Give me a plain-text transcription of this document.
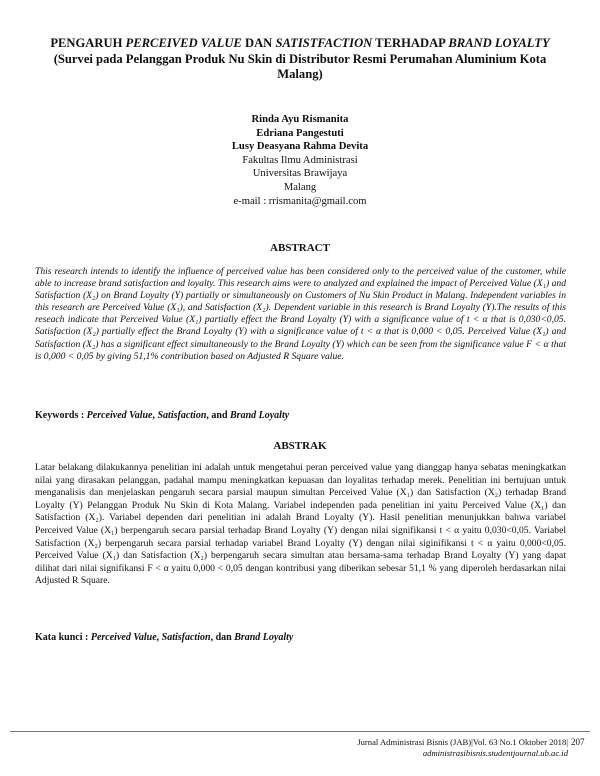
PENGARUH PERCEIVED VALUE DAN SATISTFACTION TERHADAP BRAND LOYALTY
(Survei pada Pelanggan Produk Nu Skin di Distributor Resmi Perumahan Aluminium Kota Malang)
Rinda Ayu Rismanita
Edriana Pangestuti
Lusy Deasyana Rahma Devita
Fakultas Ilmu Administrasi
Universitas Brawijaya
Malang
e-mail : rrismanita@gmail.com
ABSTRACT

This research intends to identify the influence of perceived value has been considered only to the perceived value of the customer, while able to increase brand satisfaction and loyalty. This research aims were to analyzed and explained the impact of Perceived Value (X₁) and Satisfaction (X₂) on Brand Loyalty (Y) partially or simultaneously on Customers of Nu Skin Product in Malang. Independent variables in this research are Perceived Value (X₁), and Satisfaction (X₂). Dependent variable in this research is Brand Loyalty (Y).The results of this reseach indicate that Perceived Value (X₁) partially effect the Brand Loyalty (Y) with a significance value of t < α that is 0,030<0,05. Satisfaction (X₂) partially effect the Brand Loyalty (Y) with a significance value of t < α that is 0,000 < 0,05. Perceived Value (X₁) and Satisfaction (X₂) has a significant effect simultaneously to the Brand Loyalty (Y) which can be seen from the significance value F < α that is 0,000 < 0,05 by giving 51,1% contribution based on Adjusted R Square value.

Keywords : Perceived Value, Satisfaction, and Brand Loyalty
ABSTRAK

Latar belakang dilakukannya penelitian ini adalah untuk mengetahui peran perceived value yang dianggap hanya sebatas meningkatkan nilai yang dirasakan pelanggan, padahal mampu meningkatkan kepuasan dan loyalitas terhadap merek. Penelitian ini bertujuan untuk menganalisis dan menjelaskan pengaruh secara parsial maupun simultan Perceived Value (X₁) dan Satisfaction (X₂) terhadap Brand Loyalty (Y) Pelanggan Produk Nu Skin di Kota Malang. Variabel independen pada penelitian ini yaitu Perceived Value (X₁) dan Satisfaction (X₂). Variabel dependen dari penelitian ini adalah Brand Loyalty (Y). Hasil penelitian menunjukkan bahwa variabel Perceived Value (X₁) berpengaruh secara parsial terhadap Brand Loyalty (Y) dengan nilai signifikansi t < α yaitu 0,030<0,05. Variabel Satisfaction (X₂) berpengaruh secara parsial terhadap variabel Brand Loyalty (Y) dengan nilai siginifikansi t < α yaitu 0,000<0,05. Perceived Value (X₁) dan Satisfaction (X₂) berpengaruh secara simultan atau bersama-sama terhadap Brand Loyalty (Y) yang dapat dilihat dari nilai signifikansi F < α yaitu 0,000 < 0,05 dengan kontribusi yang diberikan sebesar 51,1 % yang diperoleh berdasarkan nilai Adjusted R Square.

Kata kunci : Perceived Value, Satisfaction, dan Brand Loyalty
Jurnal Administrasi Bisnis (JAB)|Vol. 63 No.1 Oktober 2018|
administrasibisnis.studentjournal.ub.ac.id
207
